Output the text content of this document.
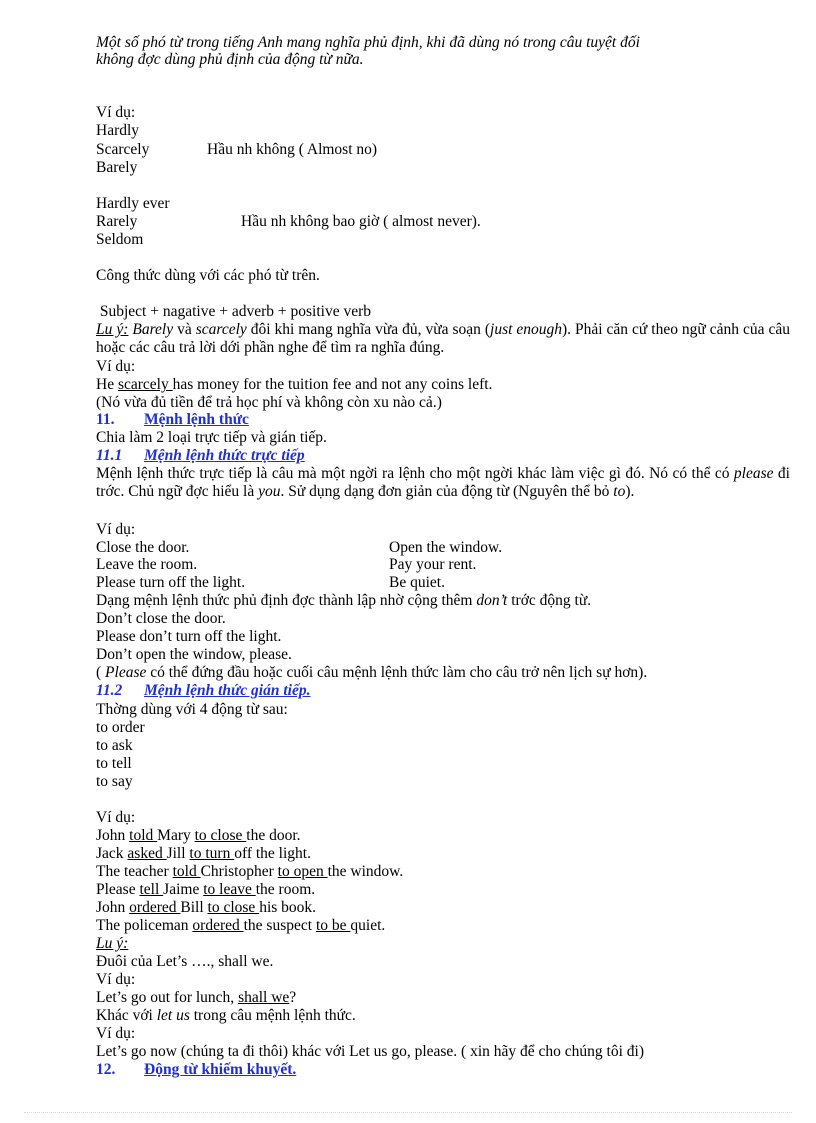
Một số phó từ trong tiếng Anh mang nghĩa phủ định, khi đã dùng nó trong câu tuyệt đối
không đợc dùng phủ định của động từ nữa.
Ví dụ:
Hardly
Scarcely	Hầu nh không ( Almost no)
Barely
Hardly ever
Rarely	Hầu nh không bao giờ ( almost never).
Seldom
Công thức dùng với các phó từ trên.
Subject + nagative + adverb + positive verb
Lu ý: Barely và scarcely đôi khi mang nghĩa vừa đủ, vừa soạn (just enough). Phải căn cứ theo ngữ cảnh của câu hoặc các câu trả lời dới phần nghe để tìm ra nghĩa đúng.
Ví dụ:
He scarcely has money for the tuition fee and not any coins left.
(Nó vừa đủ tiền để trả học phí và không còn xu nào cả.)
11. Mệnh lệnh thức
Chia làm 2 loại trực tiếp và gián tiếp.
11.1 Mệnh lệnh thức trực tiếp
Mệnh lệnh thức trực tiếp là câu mà một ngời ra lệnh cho một ngời khác làm việc gì đó. Nó có thể có please đi trớc. Chủ ngữ đợc hiểu là you. Sử dụng dạng đơn giản của động từ (Nguyên thể bỏ to).
Ví dụ:
Close the door.	Open the window.
Leave the room.	Pay your rent.
Please turn off the light.	Be quiet.
Dạng mệnh lệnh thức phủ định đợc thành lập nhờ cộng thêm don’t trớc động từ.
Don’t close the door.
Please don’t turn off the light.
Don’t open the window, please.
( Please có thể đứng đầu hoặc cuối câu mệnh lệnh thức làm cho câu trở nên lịch sự hơn).
11.2 Mệnh lệnh thức gián tiếp.
Thờng dùng với 4 động từ sau:
to order
to ask
to tell
to say
Ví dụ:
John told Mary to close the door.
Jack asked Jill to turn off the light.
The teacher told Christopher to open the window.
Please tell Jaime to leave the room.
John ordered Bill to close his book.
The policeman ordered the suspect to be quiet.
Lu ý:
Đuôi của Let’s …., shall we.
Ví dụ:
Let’s go out for lunch, shall we?
Khác với let us trong câu mệnh lệnh thức.
Ví dụ:
Let’s go now (chúng ta đi thôi) khác với Let us go, please. ( xin hãy để cho chúng tôi đi)
12. Động từ khiếm khuyết.
